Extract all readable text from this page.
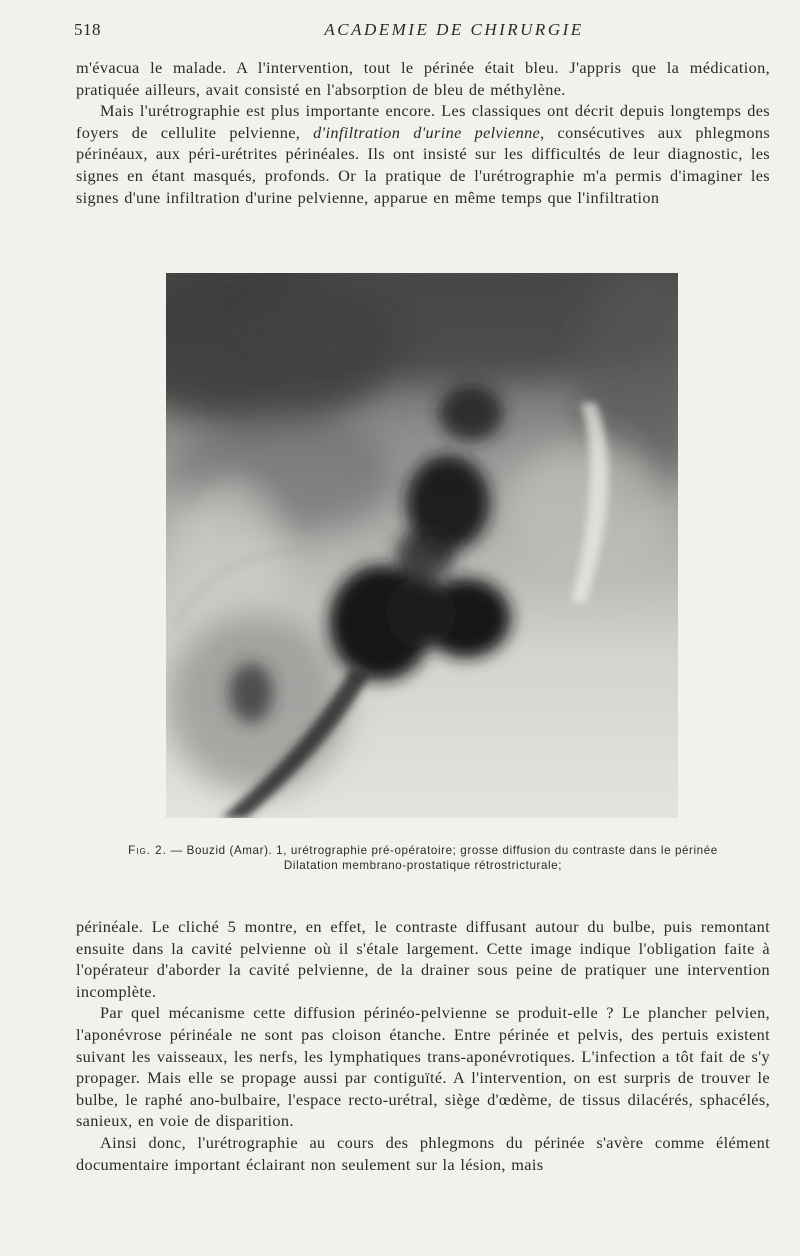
518	ACADEMIE DE CHIRURGIE

m'évacua le malade. A l'intervention, tout le périnée était bleu. J'appris que la médication, pratiquée ailleurs, avait consisté en l'absorption de bleu de méthylène.

Mais l'urétrographie est plus importante encore. Les classiques ont décrit depuis longtemps des foyers de cellulite pelvienne, d'infiltration d'urine pelvienne, consécutives aux phlegmons périnéaux, aux péri-urétrites périnéales. Ils ont insisté sur les difficultés de leur diagnostic, les signes en étant masqués, profonds. Or la pratique de l'urétrographie m'a permis d'imaginer les signes d'une infiltration d'urine pelvienne, apparue en même temps que l'infiltration

Fig. 2. — Bouzid (Amar). 1, urétrographie pré-opératoire; grosse diffusion du contraste dans le périnée
Dilatation membrano-prostatique rétrostricturale;

périnéale. Le cliché 5 montre, en effet, le contraste diffusant autour du bulbe, puis remontant ensuite dans la cavité pelvienne où il s'étale largement. Cette image indique l'obligation faite à l'opérateur d'aborder la cavité pelvienne, de la drainer sous peine de pratiquer une intervention incomplète.

Par quel mécanisme cette diffusion périnéo-pelvienne se produit-elle ? Le plancher pelvien, l'aponévrose périnéale ne sont pas cloison étanche. Entre périnée et pelvis, des pertuis existent suivant les vaisseaux, les nerfs, les lymphatiques trans-aponévrotiques. L'infection a tôt fait de s'y propager. Mais elle se propage aussi par contiguïté. A l'intervention, on est surpris de trouver le bulbe, le raphé ano-bulbaire, l'espace recto-urétral, siège d'œdème, de tissus dilacérés, sphacélés, sanieux, en voie de disparition.

Ainsi donc, l'urétrographie au cours des phlegmons du périnée s'avère comme élément documentaire important éclairant non seulement sur la lésion, mais
